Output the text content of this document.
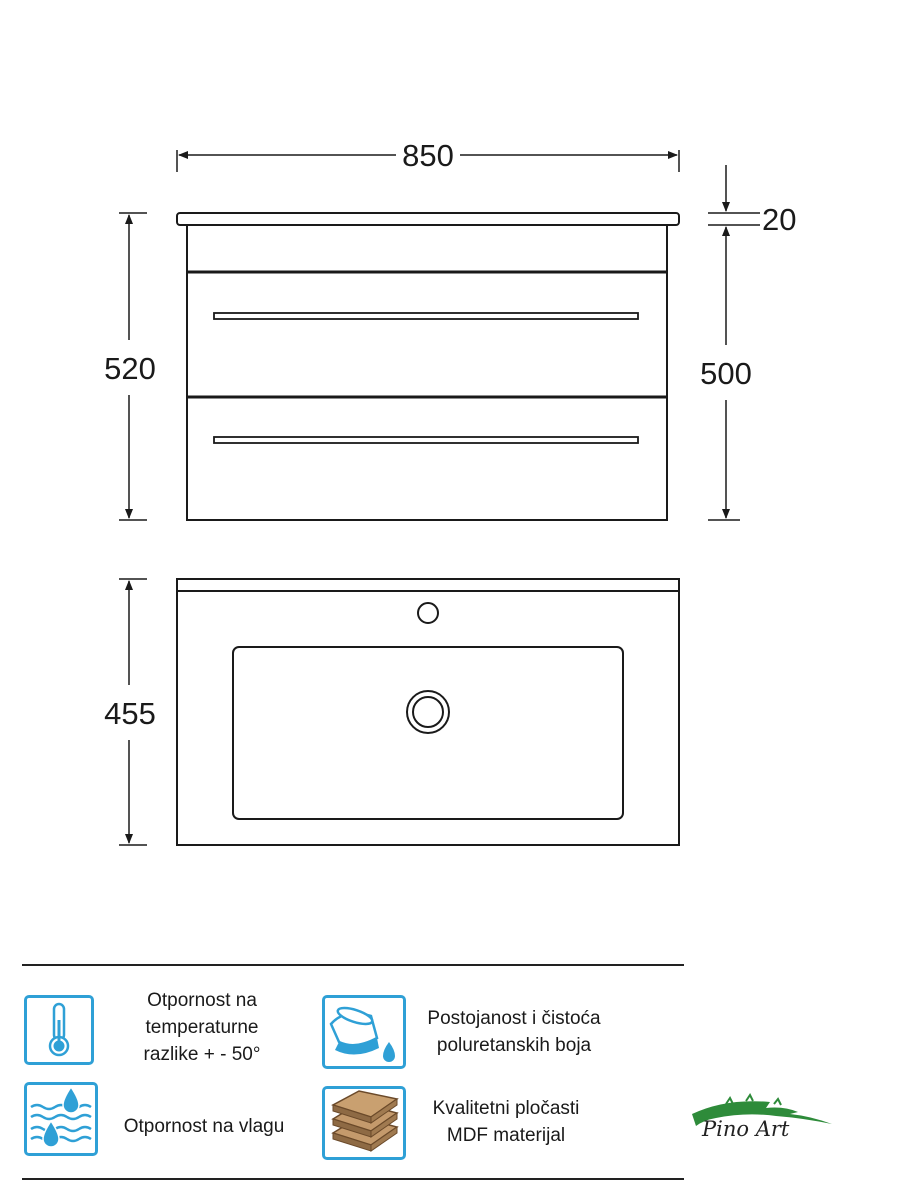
850
520
20
500
455
Otpornost na
temperaturne
razlike + - 50°
Postojanost i čistoća
poluretanskih boja
Otpornost na vlagu
Kvalitetni pločasti
MDF materijal	Pino Art
